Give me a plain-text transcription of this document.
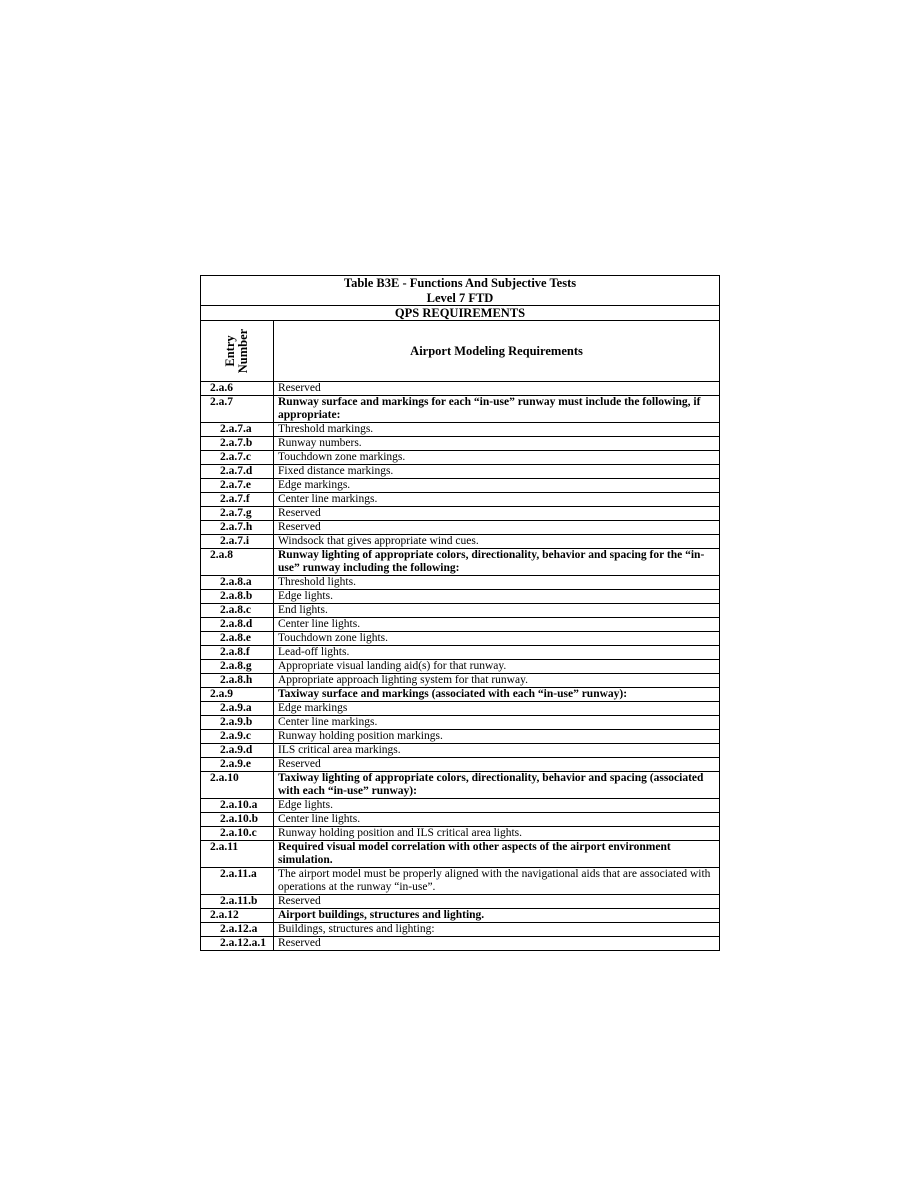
Table B3E - Functions And Subjective Tests
Level 7 FTD	

QPS REQUIREMENTS	

Entry Number	Airport Modeling Requirements
2.a.6	Reserved
2.a.7	Runway surface and markings for each “in-use” runway must include the following, if appropriate:
2.a.7.a	Threshold markings.
2.a.7.b	Runway numbers.
2.a.7.c	Touchdown zone markings.
2.a.7.d	Fixed distance markings.
2.a.7.e	Edge markings.
2.a.7.f	Center line markings.
2.a.7.g	Reserved
2.a.7.h	Reserved
2.a.7.i	Windsock that gives appropriate wind cues.
2.a.8	Runway lighting of appropriate colors, directionality, behavior and spacing for the “in-use” runway including the following:
2.a.8.a	Threshold lights.
2.a.8.b	Edge lights.
2.a.8.c	End lights.
2.a.8.d	Center line lights.
2.a.8.e	Touchdown zone lights.
2.a.8.f	Lead-off lights.
2.a.8.g	Appropriate visual landing aid(s) for that runway.
2.a.8.h	Appropriate approach lighting system for that runway.
2.a.9	Taxiway surface and markings (associated with each “in-use” runway):
2.a.9.a	Edge markings
2.a.9.b	Center line markings.
2.a.9.c	Runway holding position markings.
2.a.9.d	ILS critical area markings.
2.a.9.e	Reserved
2.a.10	Taxiway lighting of appropriate colors, directionality, behavior and spacing (associated with each “in-use” runway):
2.a.10.a	Edge lights.
2.a.10.b	Center line lights.
2.a.10.c	Runway holding position and ILS critical area lights.
2.a.11	Required visual model correlation with other aspects of the airport environment simulation.
2.a.11.a	The airport model must be properly aligned with the navigational aids that are associated with operations at the runway “in-use”.
2.a.11.b	Reserved
2.a.12	Airport buildings, structures and lighting.
2.a.12.a	Buildings, structures and lighting:
2.a.12.a.1	Reserved
